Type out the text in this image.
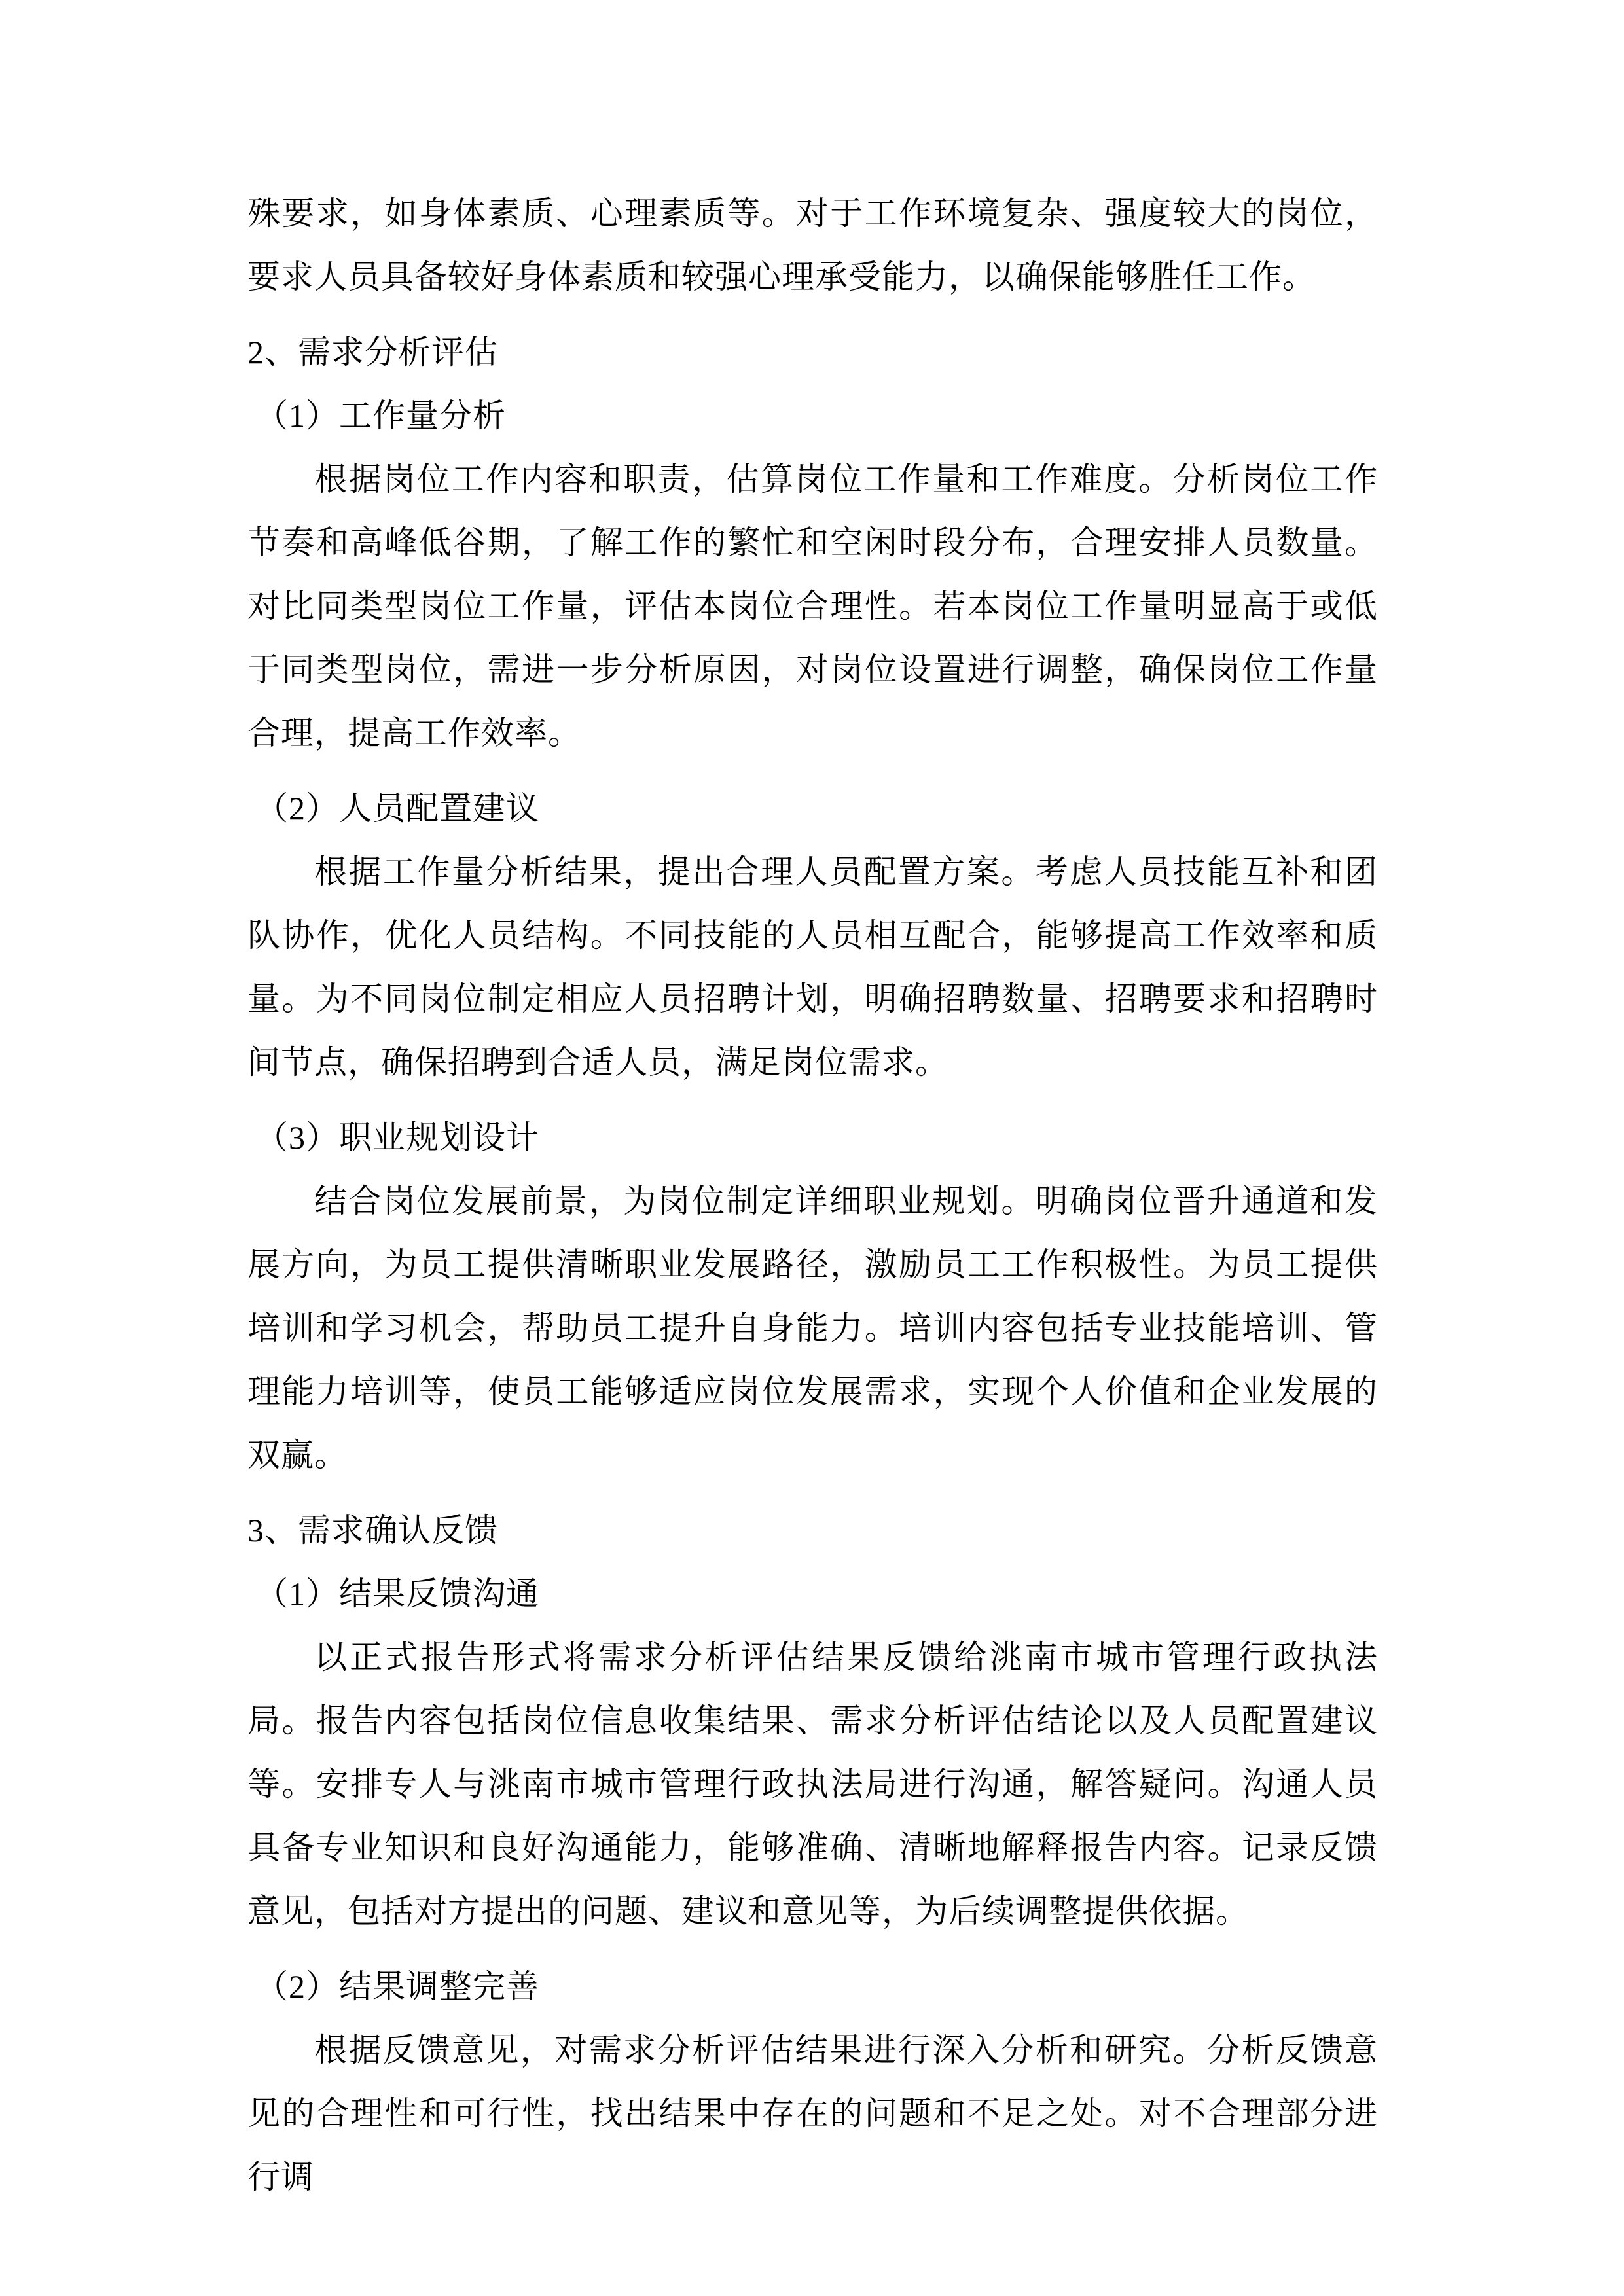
殊要求，如身体素质、心理素质等。对于工作环境复杂、强度较大的岗位，要求人员具备较好身体素质和较强心理承受能力，以确保能够胜任工作。

2、需求分析评估

（1）工作量分析

根据岗位工作内容和职责，估算岗位工作量和工作难度。分析岗位工作节奏和高峰低谷期，了解工作的繁忙和空闲时段分布，合理安排人员数量。对比同类型岗位工作量，评估本岗位合理性。若本岗位工作量明显高于或低于同类型岗位，需进一步分析原因，对岗位设置进行调整，确保岗位工作量合理，提高工作效率。

（2）人员配置建议

根据工作量分析结果，提出合理人员配置方案。考虑人员技能互补和团队协作，优化人员结构。不同技能的人员相互配合，能够提高工作效率和质量。为不同岗位制定相应人员招聘计划，明确招聘数量、招聘要求和招聘时间节点，确保招聘到合适人员，满足岗位需求。

（3）职业规划设计

结合岗位发展前景，为岗位制定详细职业规划。明确岗位晋升通道和发展方向，为员工提供清晰职业发展路径，激励员工工作积极性。为员工提供培训和学习机会，帮助员工提升自身能力。培训内容包括专业技能培训、管理能力培训等，使员工能够适应岗位发展需求，实现个人价值和企业发展的双赢。

3、需求确认反馈

（1）结果反馈沟通

以正式报告形式将需求分析评估结果反馈给洮南市城市管理行政执法局。报告内容包括岗位信息收集结果、需求分析评估结论以及人员配置建议等。安排专人与洮南市城市管理行政执法局进行沟通，解答疑问。沟通人员具备专业知识和良好沟通能力，能够准确、清晰地解释报告内容。记录反馈意见，包括对方提出的问题、建议和意见等，为后续调整提供依据。

（2）结果调整完善

根据反馈意见，对需求分析评估结果进行深入分析和研究。分析反馈意见的合理性和可行性，找出结果中存在的问题和不足之处。对不合理部分进行调
